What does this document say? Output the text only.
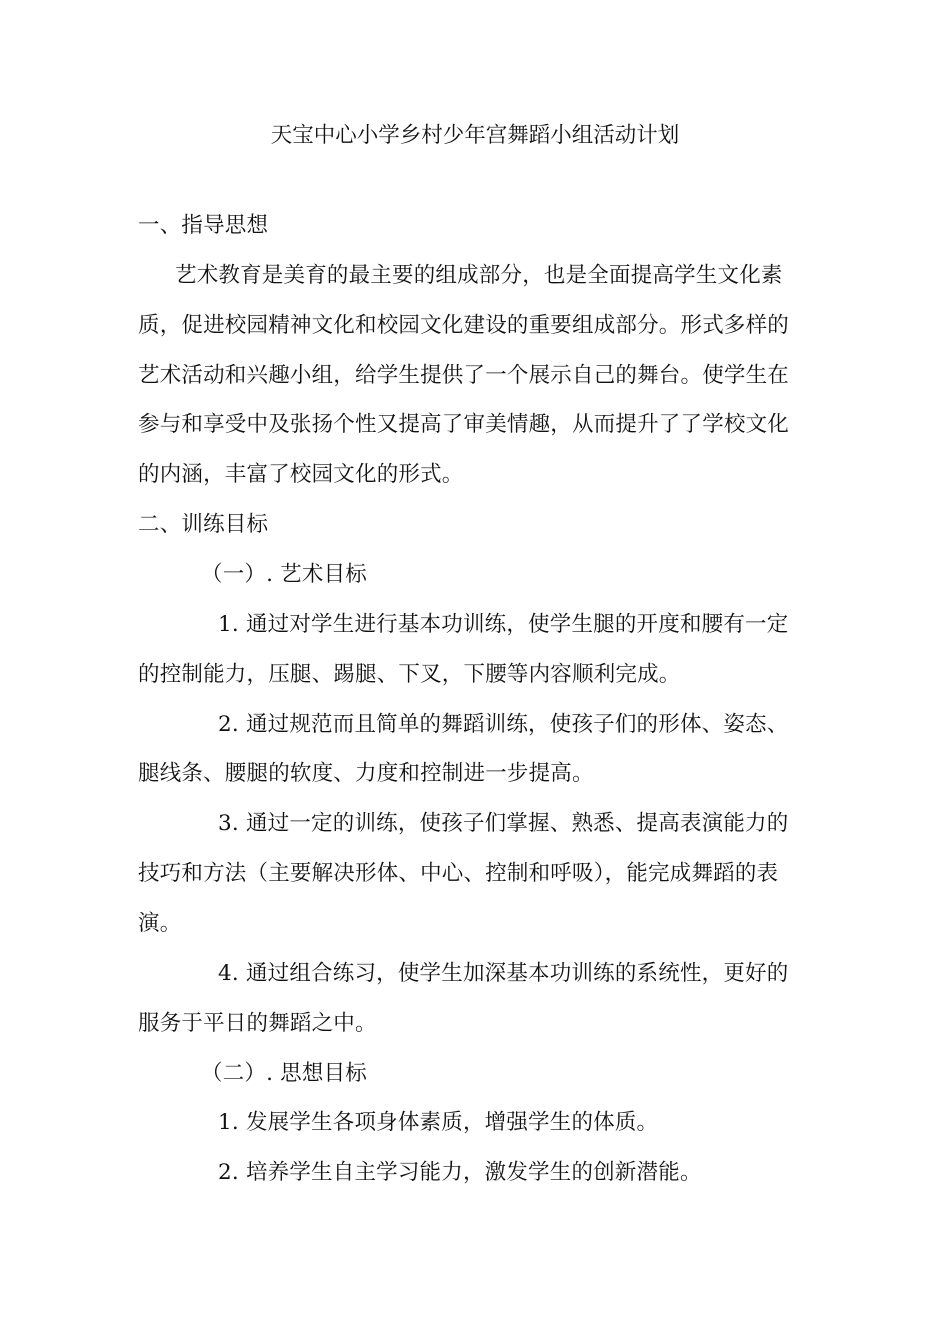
天宝中心小学乡村少年宫舞蹈小组活动计划
一、指导思想
艺术教育是美育的最主要的组成部分，也是全面提高学生文化素
质，促进校园精神文化和校园文化建设的重要组成部分。形式多样的
艺术活动和兴趣小组，给学生提供了一个展示自己的舞台。使学生在
参与和享受中及张扬个性又提高了审美情趣，从而提升了了学校文化
的内涵，丰富了校园文化的形式。
二、训练目标
（一）. 艺术目标
1. 通过对学生进行基本功训练，使学生腿的开度和腰有一定
的控制能力，压腿、踢腿、下叉，下腰等内容顺利完成。
2. 通过规范而且简单的舞蹈训练，使孩子们的形体、姿态、
腿线条、腰腿的软度、力度和控制进一步提高。
3. 通过一定的训练，使孩子们掌握、熟悉、提高表演能力的
技巧和方法（主要解决形体、中心、控制和呼吸），能完成舞蹈的表
演。
4. 通过组合练习，使学生加深基本功训练的系统性，更好的
服务于平日的舞蹈之中。
（二）. 思想目标
1. 发展学生各项身体素质，增强学生的体质。
2. 培养学生自主学习能力，激发学生的创新潜能。
